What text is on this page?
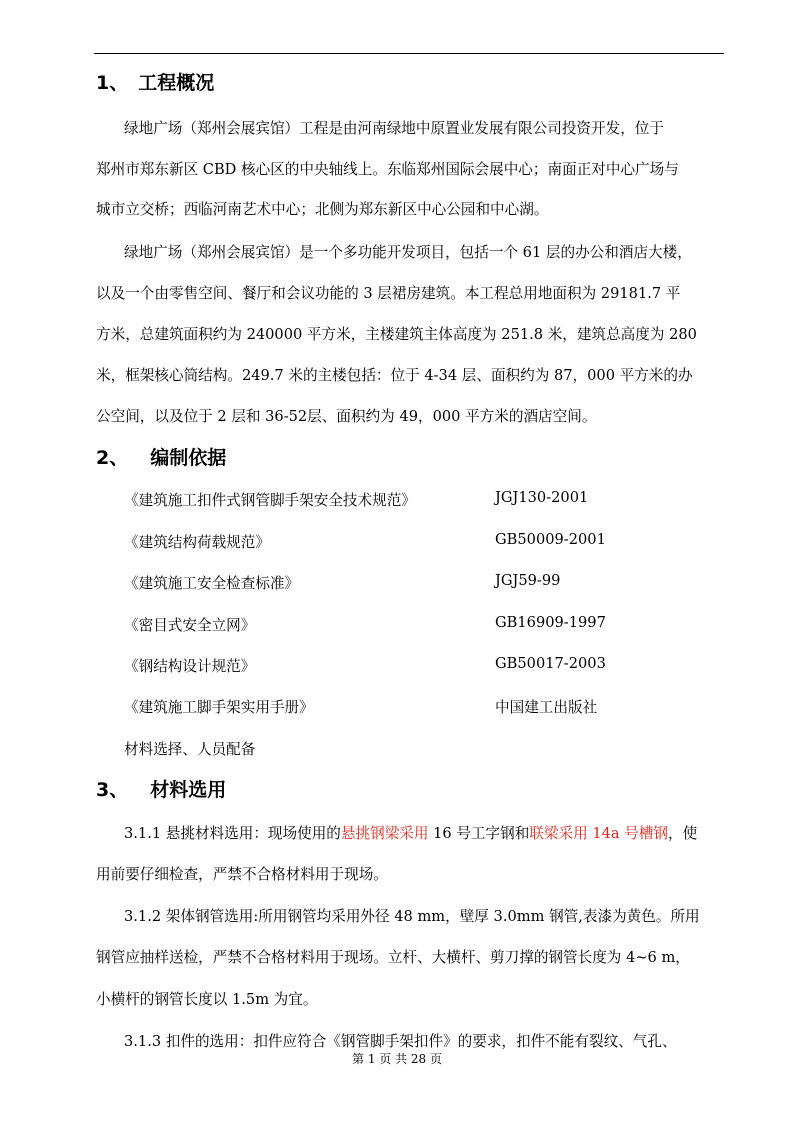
1、 工程概况
绿地广场（郑州会展宾馆）工程是由河南绿地中原置业发展有限公司投资开发，位于
郑州市郑东新区 CBD 核心区的中央轴线上。东临郑州国际会展中心；南面正对中心广场与
城市立交桥；西临河南艺术中心；北侧为郑东新区中心公园和中心湖。
绿地广场（郑州会展宾馆）是一个多功能开发项目，包括一个 61 层的办公和酒店大楼，
以及一个由零售空间、餐厅和会议功能的 3 层裙房建筑。本工程总用地面积为 29181.7 平
方米，总建筑面积约为 240000 平方米，主楼建筑主体高度为 251.8 米，建筑总高度为 280
米，框架核心筒结构。249.7 米的主楼包括：位于 4-34 层、面积约为 87，000 平方米的办
公空间，以及位于 2 层和 36-52层、面积约为 49，000 平方米的酒店空间。
2、 编制依据
《建筑施工扣件式钢管脚手架安全技术规范》	JGJ130-2001
《建筑结构荷载规范》	GB50009-2001
《建筑施工安全检查标准》	JGJ59-99
《密目式安全立网》	GB16909-1997
《钢结构设计规范》	GB50017-2003
《建筑施工脚手架实用手册》	中国建工出版社
材料选择、人员配备
3、 材料选用
3.1.1 悬挑材料选用：现场使用的悬挑钢梁采用 16 号工字钢和联梁采用 14a 号槽钢，使
用前要仔细检查，严禁不合格材料用于现场。
3.1.2 架体钢管选用:所用钢管均采用外径 48 mm，壁厚 3.0mm 钢管,表漆为黄色。所用
钢管应抽样送检，严禁不合格材料用于现场。立杆、大横杆、剪刀撑的钢管长度为 4~6 m，
小横杆的钢管长度以 1.5m 为宜。
3.1.3 扣件的选用：扣件应符合《钢管脚手架扣件》的要求，扣件不能有裂纹、气孔、
第 1 页 共 28 页
